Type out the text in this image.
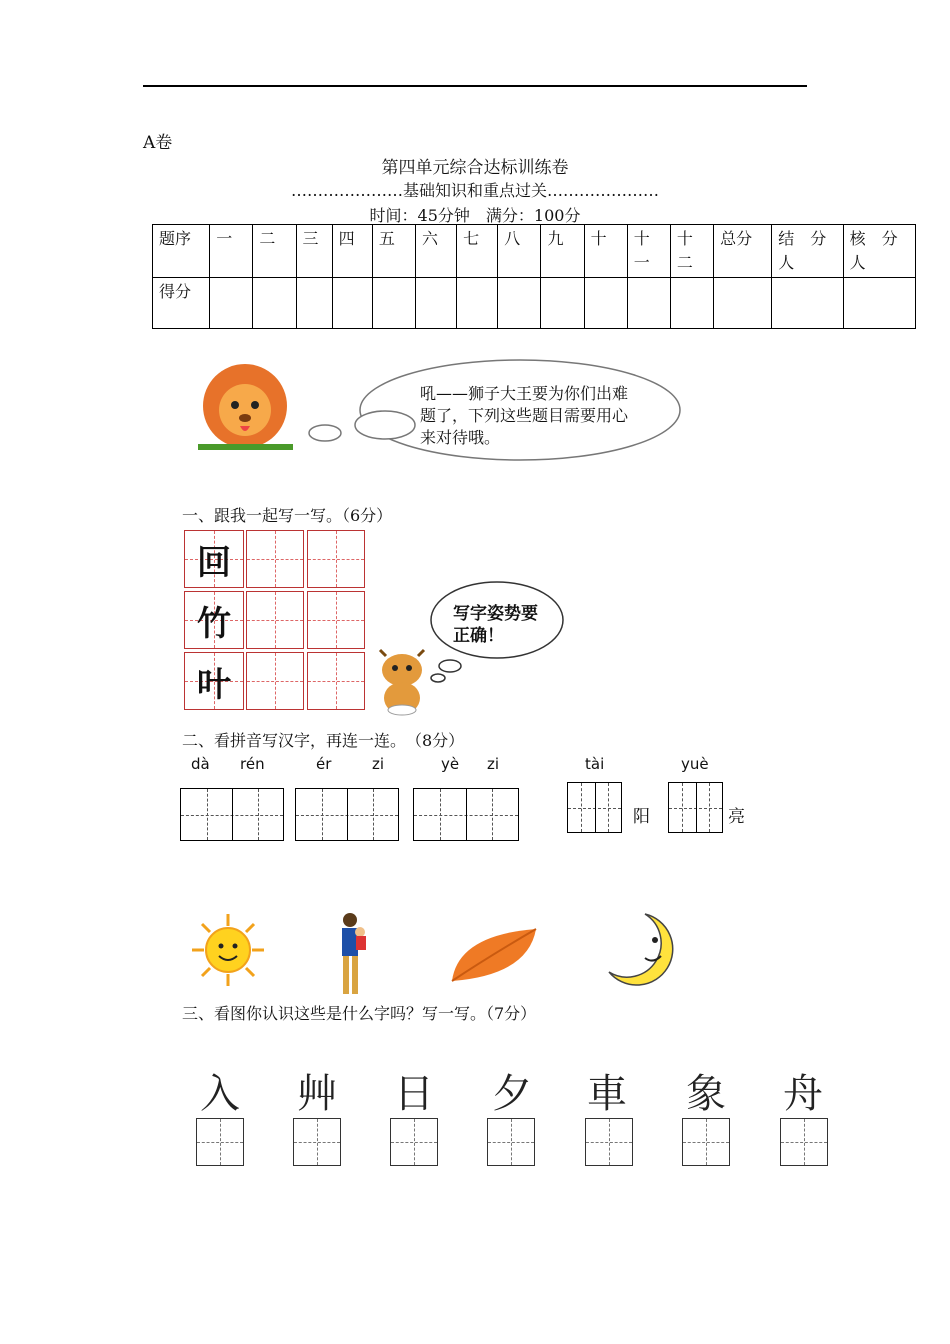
A卷
第四单元综合达标训练卷
…………………基础知识和重点过关…………………
时间：45分钟　满分：100分
题序	一	二	三	四	五	六	七	八	九	十	十一	十二	总分	结　分人	核　分人
得分															
吼——狮子大王要为你们出难题了，下列这些题目需要用心来对待哦。
一、跟我一起写一写。（6分）
回
竹
叶
写字姿势要正确！
二、看拼音写汉字，再连一连。　（8分）
dà rén	ér	zi	yè zi	tài	yuè
阳	亮
三、看图你认识这些是什么字吗？写一写。（7分）
入 艸 日 夕 車 象 舟
